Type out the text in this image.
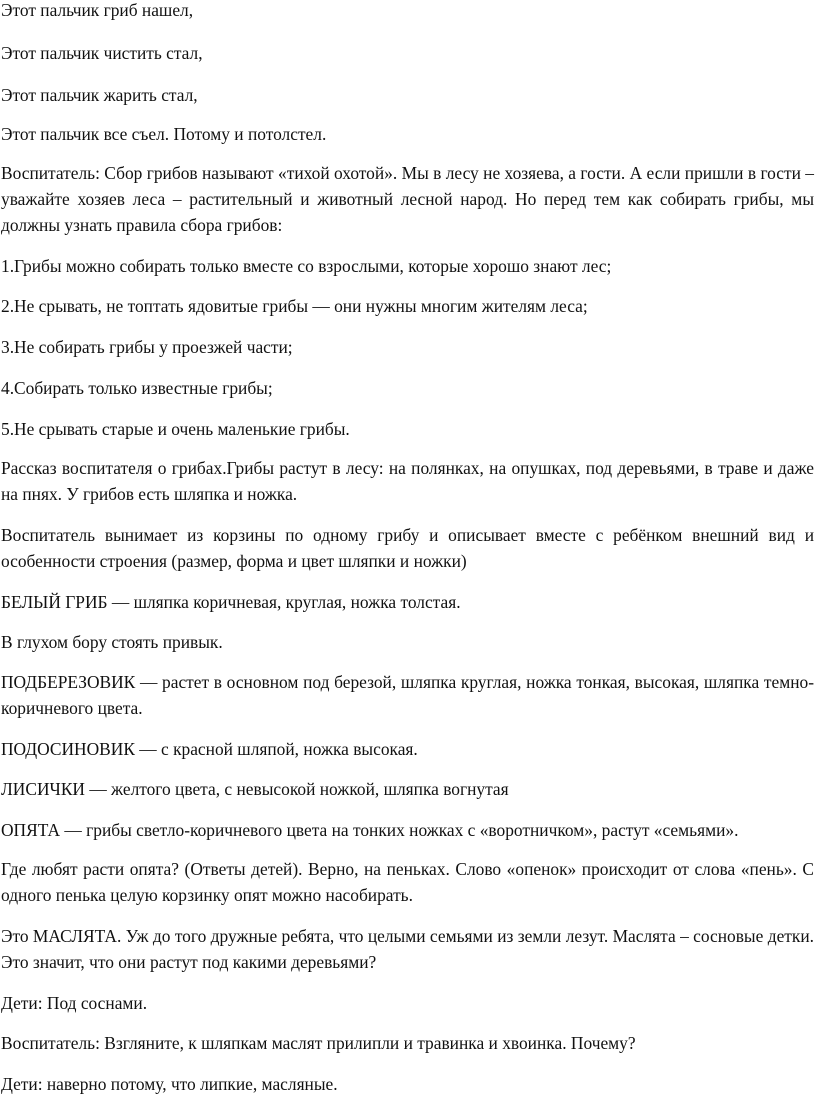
Этот пальчик гриб нашел,

Этот пальчик чистить стал,

Этот пальчик жарить стал,

Этот пальчик все съел. Потому и потолстел.

Воспитатель: Сбор грибов называют «тихой охотой». Мы в лесу не хозяева, а гости. А если пришли в гости – уважайте хозяев леса – растительный и животный лесной народ. Но перед тем как собирать грибы, мы должны узнать правила сбора грибов:

1.Грибы можно собирать только вместе со взрослыми, которые хорошо знают лес;

2.Не срывать, не топтать ядовитые грибы — они нужны многим жителям леса;

3.Не собирать грибы у проезжей части;

4.Собирать только известные грибы;

5.Не срывать старые и очень маленькие грибы.

Рассказ воспитателя о грибах.Грибы растут в лесу: на полянках, на опушках, под деревьями, в траве и даже на пнях. У грибов есть шляпка и ножка.

Воспитатель вынимает из корзины по одному грибу и описывает вместе с ребёнком внешний вид и особенности строения (размер, форма и цвет шляпки и ножки)

БЕЛЫЙ ГРИБ — шляпка коричневая, круглая, ножка толстая.

В глухом бору стоять привык.

ПОДБЕРЕЗОВИК — растет в основном под березой, шляпка круглая, ножка тонкая, высокая, шляпка темно-коричневого цвета.

ПОДОСИНОВИК — с красной шляпой, ножка высокая.

ЛИСИЧКИ — желтого цвета, с невысокой ножкой, шляпка вогнутая

ОПЯТА — грибы светло-коричневого цвета на тонких ножках с «воротничком», растут «семьями».

Где любят расти опята? (Ответы детей). Верно, на пеньках. Слово «опенок» происходит от слова «пень». С одного пенька целую корзинку опят можно насобирать.

Это МАСЛЯТА. Уж до того дружные ребята, что целыми семьями из земли лезут. Маслята – сосновые детки. Это значит, что они растут под какими деревьями?

Дети: Под соснами.

Воспитатель: Взгляните, к шляпкам маслят прилипли и травинка и хвоинка. Почему?

Дети: наверно потому, что липкие, масляные.
